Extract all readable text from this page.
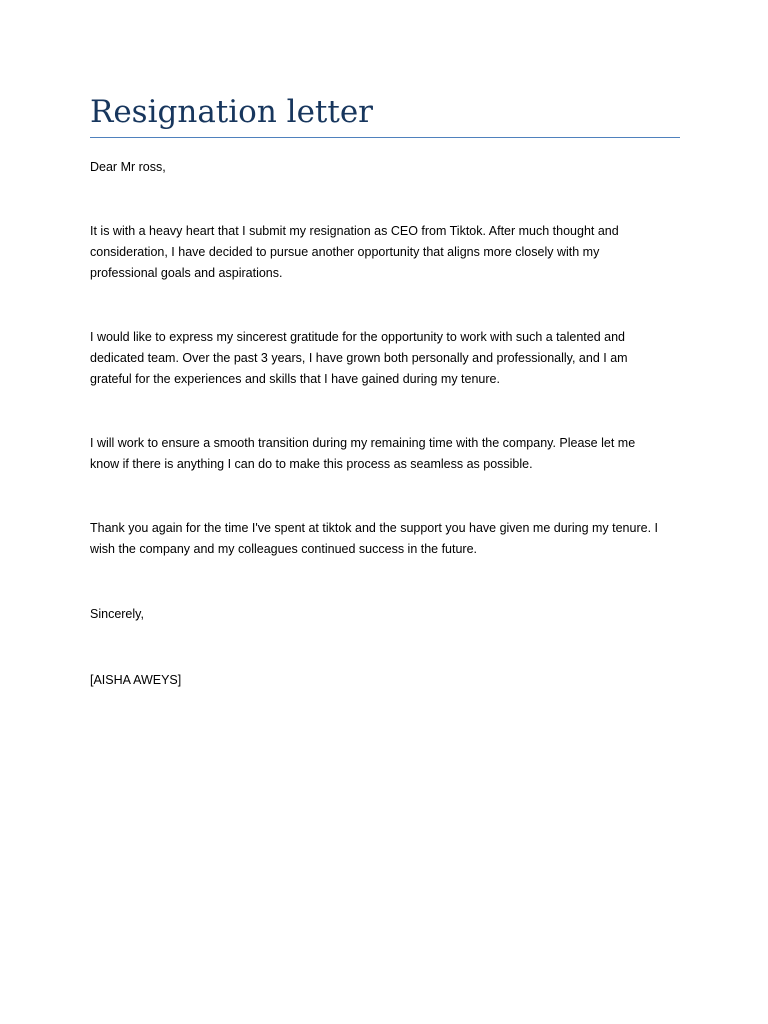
Resignation letter

Dear Mr ross,

It is with a heavy heart that I submit my resignation as CEO from Tiktok. After much thought and
consideration, I have decided to pursue another opportunity that aligns more closely with my
professional goals and aspirations.

I would like to express my sincerest gratitude for the opportunity to work with such a talented and
dedicated team. Over the past 3 years, I have grown both personally and professionally, and I am
grateful for the experiences and skills that I have gained during my tenure.

I will work to ensure a smooth transition during my remaining time with the company. Please let me
know if there is anything I can do to make this process as seamless as possible.

Thank you again for the time I've spent at tiktok and the support you have given me during my tenure. I
wish the company and my colleagues continued success in the future.

Sincerely,

[AISHA AWEYS]
